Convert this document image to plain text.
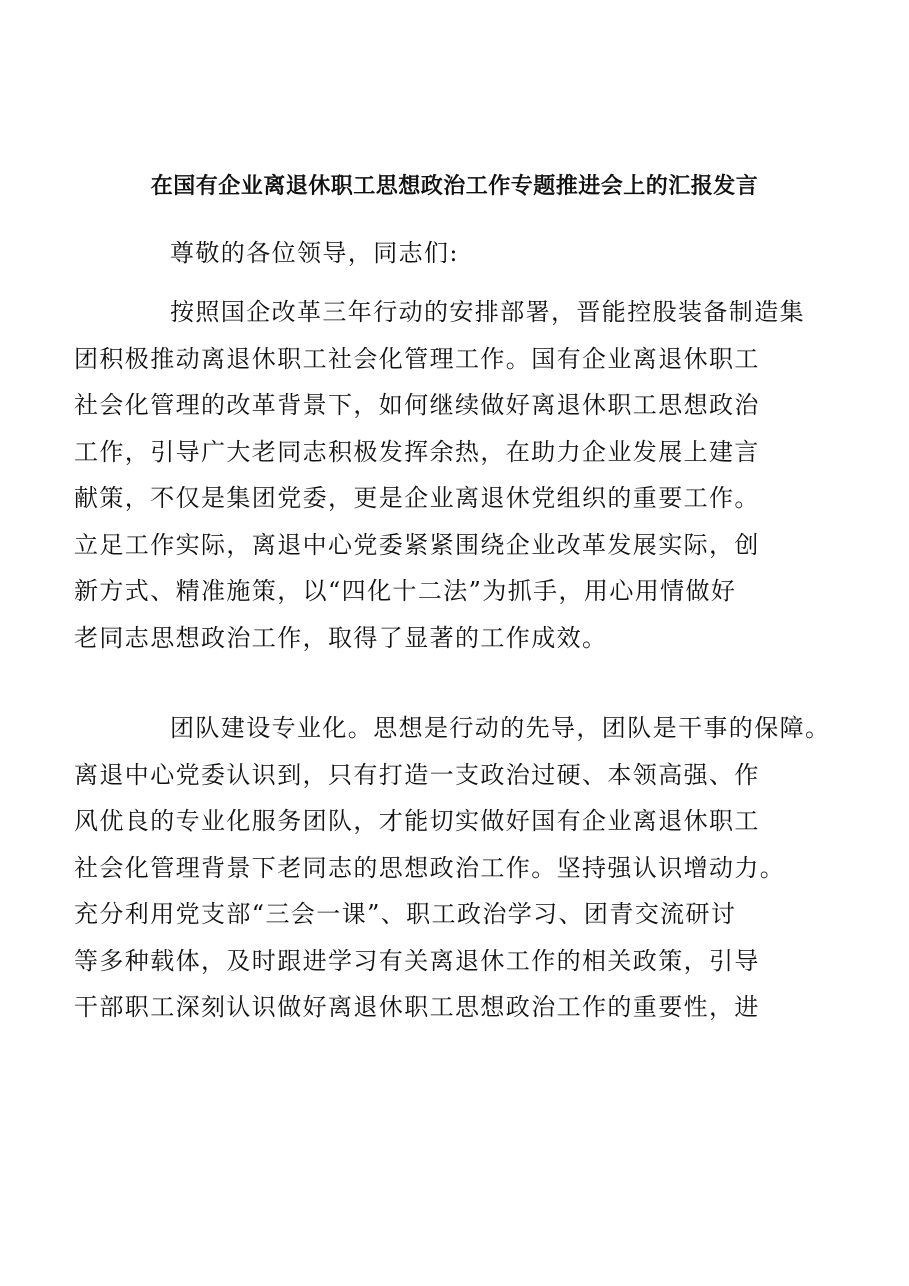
在国有企业离退休职工思想政治工作专题推进会上的汇报发言
尊敬的各位领导，同志们:
按照国企改革三年行动的安排部署，晋能控股装备制造集
团积极推动离退休职工社会化管理工作。国有企业离退休职工
社会化管理的改革背景下，如何继续做好离退休职工思想政治
工作，引导广大老同志积极发挥余热，在助力企业发展上建言
献策，不仅是集团党委，更是企业离退休党组织的重要工作。
立足工作实际，离退中心党委紧紧围绕企业改革发展实际，创
新方式、精准施策，以“四化十二法”为抓手，用心用情做好
老同志思想政治工作，取得了显著的工作成效。
团队建设专业化。思想是行动的先导，团队是干事的保障。
离退中心党委认识到，只有打造一支政治过硬、本领高强、作
风优良的专业化服务团队，才能切实做好国有企业离退休职工
社会化管理背景下老同志的思想政治工作。坚持强认识增动力。
充分利用党支部“三会一课”、职工政治学习、团青交流研讨
等多种载体，及时跟进学习有关离退休工作的相关政策，引导
干部职工深刻认识做好离退休职工思想政治工作的重要性，进
